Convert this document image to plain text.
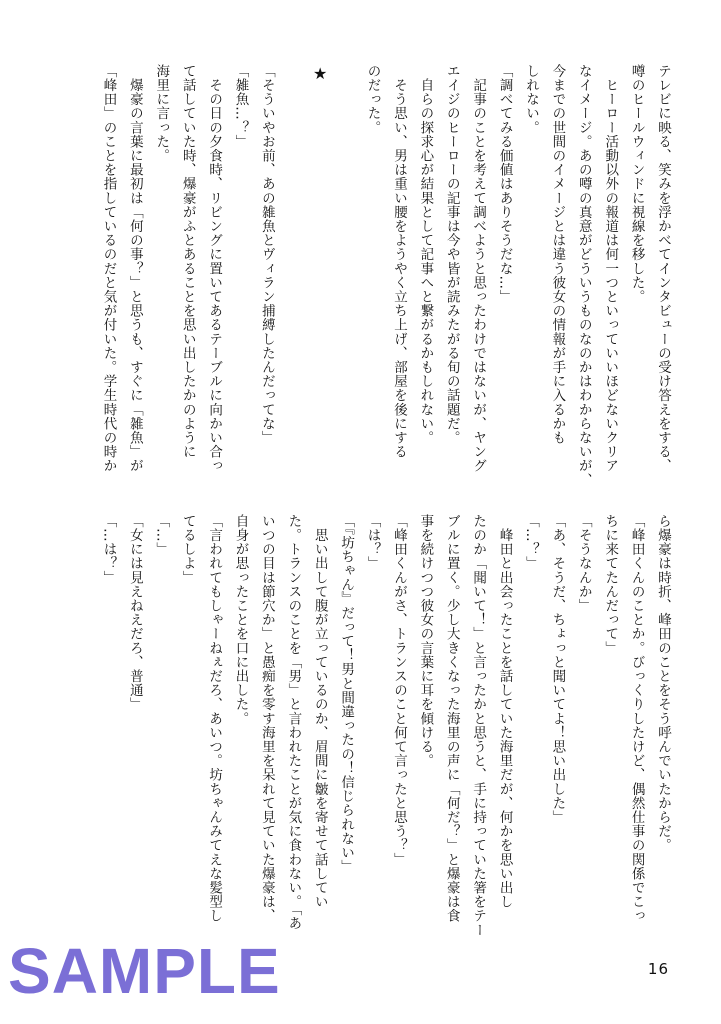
テレビに映る、笑みを浮かべてインタビューの受け答えをする、

噂のヒールウィンドに視線を移した。

　ヒーロー活動以外の報道は何一つといっていいほどないクリア

なイメージ。あの噂の真意がどういうものなのかはわからないが、

今までの世間のイメージとは違う彼女の情報が手に入るかも

しれない。

「調べてみる価値はありそうだな…」

　記事のことを考えて調べようと思ったわけではないが、ヤング

エイジのヒーローの記事は今や皆が読みたがる旬の話題だ。

　自らの探求心が結果として記事へと繋がるかもしれない。

　そう思い、男は重い腰をようやく立ち上げ、部屋を後にする

のだった。

★

「そういやお前、あの雑魚とヴィラン捕縛したんだってな」

「雑魚…？」

　その日の夕食時、リビングに置いてあるテーブルに向かい合っ

て話していた時、爆豪がふとあることを思い出したかのように

海里に言った。

　爆豪の言葉に最初は「何の事？」と思うも、すぐに「雑魚」が

「峰田」のことを指しているのだと気が付いた。学生時代の時か

ら爆豪は時折、峰田のことをそう呼んでいたからだ。

「峰田くんのことか。びっくりしたけど、偶然仕事の関係でこっ

ちに来てたんだって」

「そうなんか」

「あ、そうだ、ちょっと聞いてよ！思い出した」

「…？」

　峰田と出会ったことを話していた海里だが、何かを思い出し

たのか「聞いて！」と言ったかと思うと、手に持っていた箸をテー

ブルに置く。少し大きくなった海里の声に「何だ？」と爆豪は食

事を続けつつ彼女の言葉に耳を傾ける。

「峰田くんがさ、トランスのこと何て言ったと思う？」

「は？」

「『坊ちゃん』だって！男と間違ったの！信じられない」

　思い出して腹が立っているのか、眉間に皺を寄せて話してい

た。トランスのことを「男」と言われたことが気に食わない。「あ

いつの目は節穴か」と愚痴を零す海里を呆れて見ていた爆豪は、

自身が思ったことを口に出した。

「言われてもしゃーねぇだろ、あいつ。坊ちゃんみてえな髪型し

てるしよ」

「…」

「女には見えねえだろ、普通」

「…は？」

16
SAMPLE
